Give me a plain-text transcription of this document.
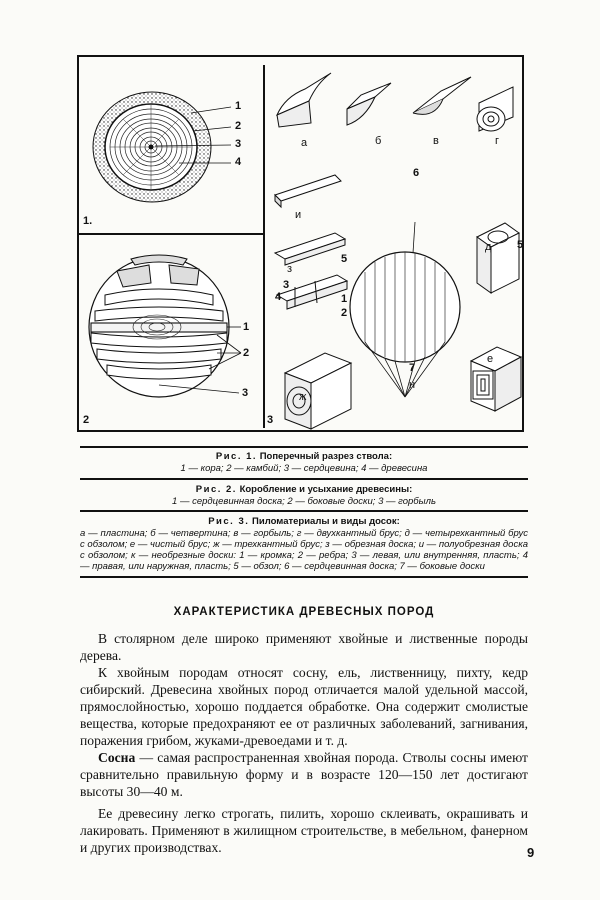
1
2
3
4
1.
1
2
3
2
а	б	в	г
6
и
5
з
д 5
3
4	1
2
7
е
н
ж
3
Рис. 1. Поперечный разрез ствола:
1 — кора; 2 — камбий; 3 — сердцевина; 4 — древесина
Рис. 2. Коробление и усыхание древесины:
1 — сердцевинная доска; 2 — боковые доски; 3 — горбыль
Рис. 3. Пиломатериалы и виды досок:
а — пластина; б — четвертина; в — горбыль; г — двухкантный брус; д — четырехкантный брус с обзолом; е — чистый брус; ж — трехкантный брус; з — обрезная доска; и — полуобрезная доска с обзолом; к — необрезные доски: 1 — кромка; 2 — ребра; 3 — левая, или внутренняя, пласть; 4 — правая, или наружная, пласть; 5 — обзол; 6 — сердцевинная доска; 7 — боковые доски
ХАРАКТЕРИСТИКА ДРЕВЕСНЫХ ПОРОД

В столярном деле широко применяют хвойные и лиственные породы дерева.

К хвойным породам относят сосну, ель, лиственницу, пихту, кедр сибирский. Древесина хвойных пород отличается малой удельной массой, прямослойностью, хорошо поддается обработке. Она содержит смолистые вещества, которые предохраняют ее от различных заболеваний, загнивания, поражения грибом, жуками-древоедами и т. д.

Сосна — самая распространенная хвойная порода. Стволы сосны имеют сравнительно правильную форму и в возрасте 120—150 лет достигают высоты 30—40 м.

Ее древесину легко строгать, пилить, хорошо склеивать, окрашивать и лакировать. Применяют в жилищном строительстве, в мебельном, фанерном и других производствах.	9
